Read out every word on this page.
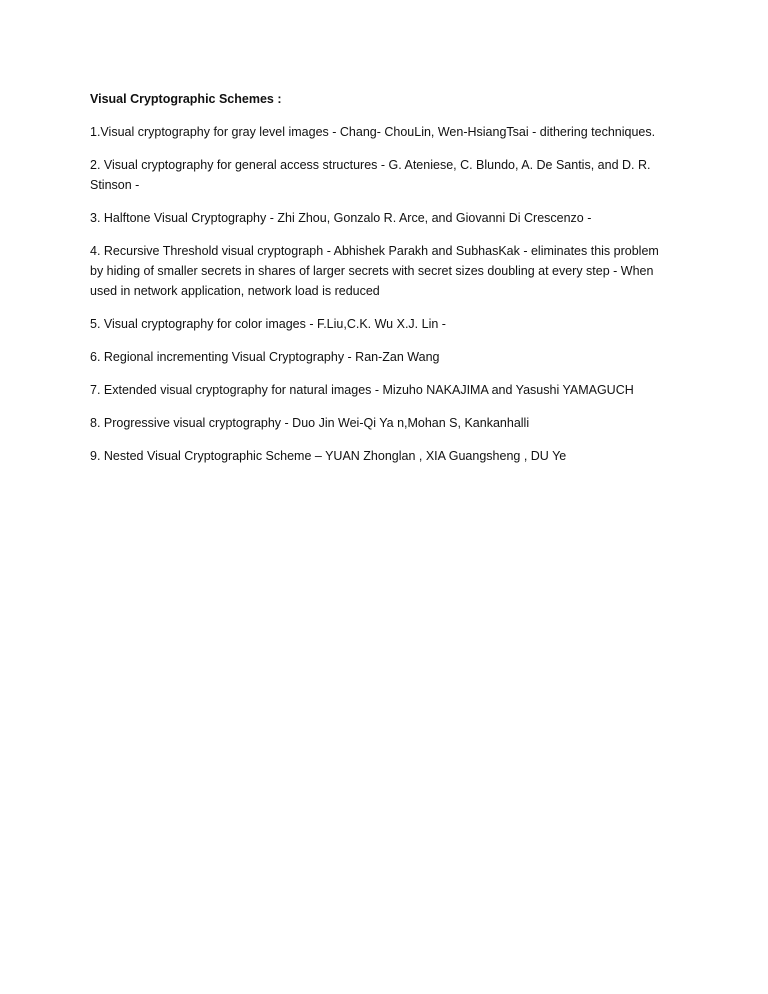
Visual Cryptographic Schemes :

1.Visual cryptography for gray level images - Chang- ChouLin, Wen-HsiangTsai - dithering techniques.

2. Visual cryptography for general access structures - G. Ateniese, C. Blundo, A. De Santis, and D. R. Stinson -

3. Halftone Visual Cryptography - Zhi Zhou, Gonzalo R. Arce, and Giovanni Di Crescenzo -

4. Recursive Threshold visual cryptograph - Abhishek Parakh and SubhasKak - eliminates this problem by hiding of smaller secrets in shares of larger secrets with secret sizes doubling at every step - When used in network application, network load is reduced

5. Visual cryptography for color images - F.Liu,C.K. Wu X.J. Lin -

6. Regional incrementing Visual Cryptography - Ran-Zan Wang

7. Extended visual cryptography for natural images - Mizuho NAKAJIMA and Yasushi YAMAGUCH

8. Progressive visual cryptography - Duo Jin Wei-Qi Ya n,Mohan S, Kankanhalli

9. Nested Visual Cryptographic Scheme – YUAN Zhonglan , XIA Guangsheng , DU Ye
